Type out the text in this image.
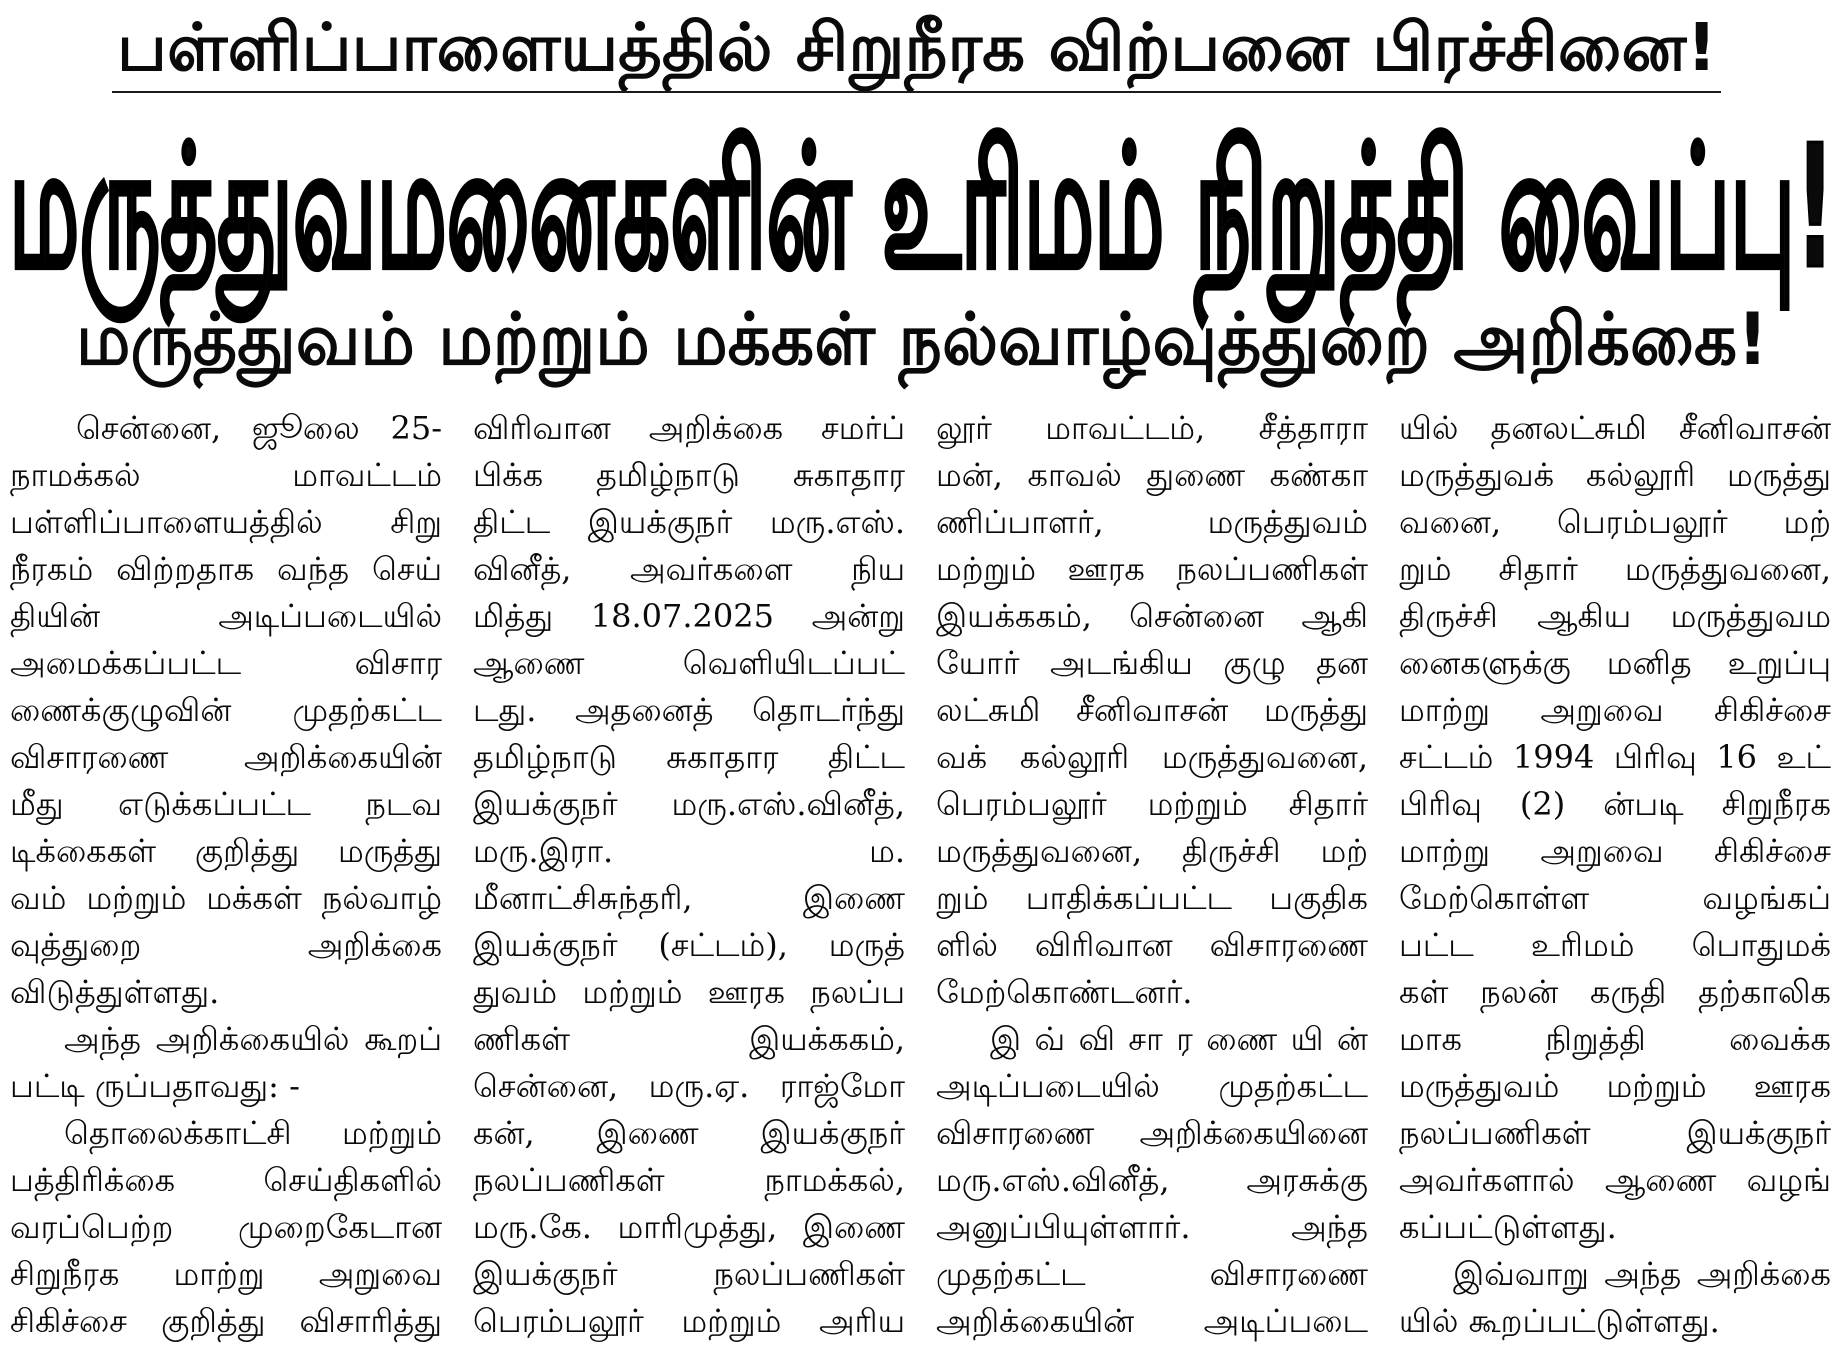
பள்ளிப்பாளையத்தில் சிறுநீரக விற்பனை பிரச்சினை!
மருத்துவமனைகளின் உரிமம் நிறுத்தி வைப்பு!
மருத்துவம் மற்றும் மக்கள் நல்வாழ்வுத்துறை அறிக்கை!
சென்னை, ஜூலை 25-
நாமக்கல் மாவட்டம்
பள்ளிப்பாளையத்தில் சிறு
நீரகம் விற்றதாக வந்த செய்
தியின் அடிப்படையில்
அமைக்கப்பட்ட விசார
ணைக்குழுவின் முதற்கட்ட
விசாரணை அறிக்கையின்
மீது எடுக்கப்பட்ட நடவ
டிக்கைகள் குறித்து மருத்து
வம் மற்றும் மக்கள் நல்வாழ்
வுத்துறை அறிக்கை
விடுத்துள்ளது.
அந்த அறிக்கையில் கூறப்
பட்டி ருப்பதாவது: -
தொலைக்காட்சி மற்றும்
பத்திரிக்கை செய்திகளில்
வரப்பெற்ற முறைகேடான
சிறுநீரக மாற்று அறுவை
சிகிச்சை குறித்து விசாரித்து
விரிவான அறிக்கை சமர்ப்
பிக்க தமிழ்நாடு சுகாதார
திட்ட இயக்குநர் மரு.எஸ்.
வினீத், அவர்களை நிய
மித்து 18.07.2025 அன்று
ஆணை வெளியிடப்பட்
டது. அதனைத் தொடர்ந்து
தமிழ்நாடு சுகாதார திட்ட
இயக்குநர் மரு.எஸ்.வினீத்,
மரு.இரா. ம.
மீனாட்சிசுந்தரி, இணை
இயக்குநர் (சட்டம்), மருத்
துவம் மற்றும் ஊரக நலப்ப
ணிகள் இயக்ககம்,
சென்னை, மரு.ஏ. ராஜ்மோ
கன், இணை இயக்குநர்
நலப்பணிகள் நாமக்கல்,
மரு.கே. மாரிமுத்து, இணை
இயக்குநர் நலப்பணிகள்
பெரம்பலூர் மற்றும் அரிய
லூர் மாவட்டம், சீத்தாரா
மன், காவல் துணை கண்கா
ணிப்பாளர், மருத்துவம்
மற்றும் ஊரக நலப்பணிகள்
இயக்ககம், சென்னை ஆகி
யோர் அடங்கிய குழு தன
லட்சுமி சீனிவாசன் மருத்து
வக் கல்லூரி மருத்துவனை,
பெரம்பலூர் மற்றும் சிதார்
மருத்துவனை, திருச்சி மற்
றும் பாதிக்கப்பட்ட பகுதிக
ளில் விரிவான விசாரணை
மேற்கொண்டனர்.
இ வ் வி சா ர ணை யி ன்
அடிப்படையில் முதற்கட்ட
விசாரணை அறிக்கையினை
மரு.எஸ்.வினீத், அரசுக்கு
அனுப்பியுள்ளார். அந்த
முதற்கட்ட விசாரணை
அறிக்கையின் அடிப்படை
யில் தனலட்சுமி சீனிவாசன்
மருத்துவக் கல்லூரி மருத்து
வனை, பெரம்பலூர் மற்
றும் சிதார் மருத்துவனை,
திருச்சி ஆகிய மருத்துவம
னைகளுக்கு மனித உறுப்பு
மாற்று அறுவை சிகிச்சை
சட்டம் 1994 பிரிவு 16 உட்
பிரிவு (2) ன்படி சிறுநீரக
மாற்று அறுவை சிகிச்சை
மேற்கொள்ள வழங்கப்
பட்ட உரிமம் பொதுமக்
கள் நலன் கருதி தற்காலிக
மாக நிறுத்தி வைக்க
மருத்துவம் மற்றும் ஊரக
நலப்பணிகள் இயக்குநர்
அவர்களால் ஆணை வழங்
கப்பட்டுள்ளது.
இவ்வாறு அந்த அறிக்கை
யில் கூறப்பட்டுள்ளது.
